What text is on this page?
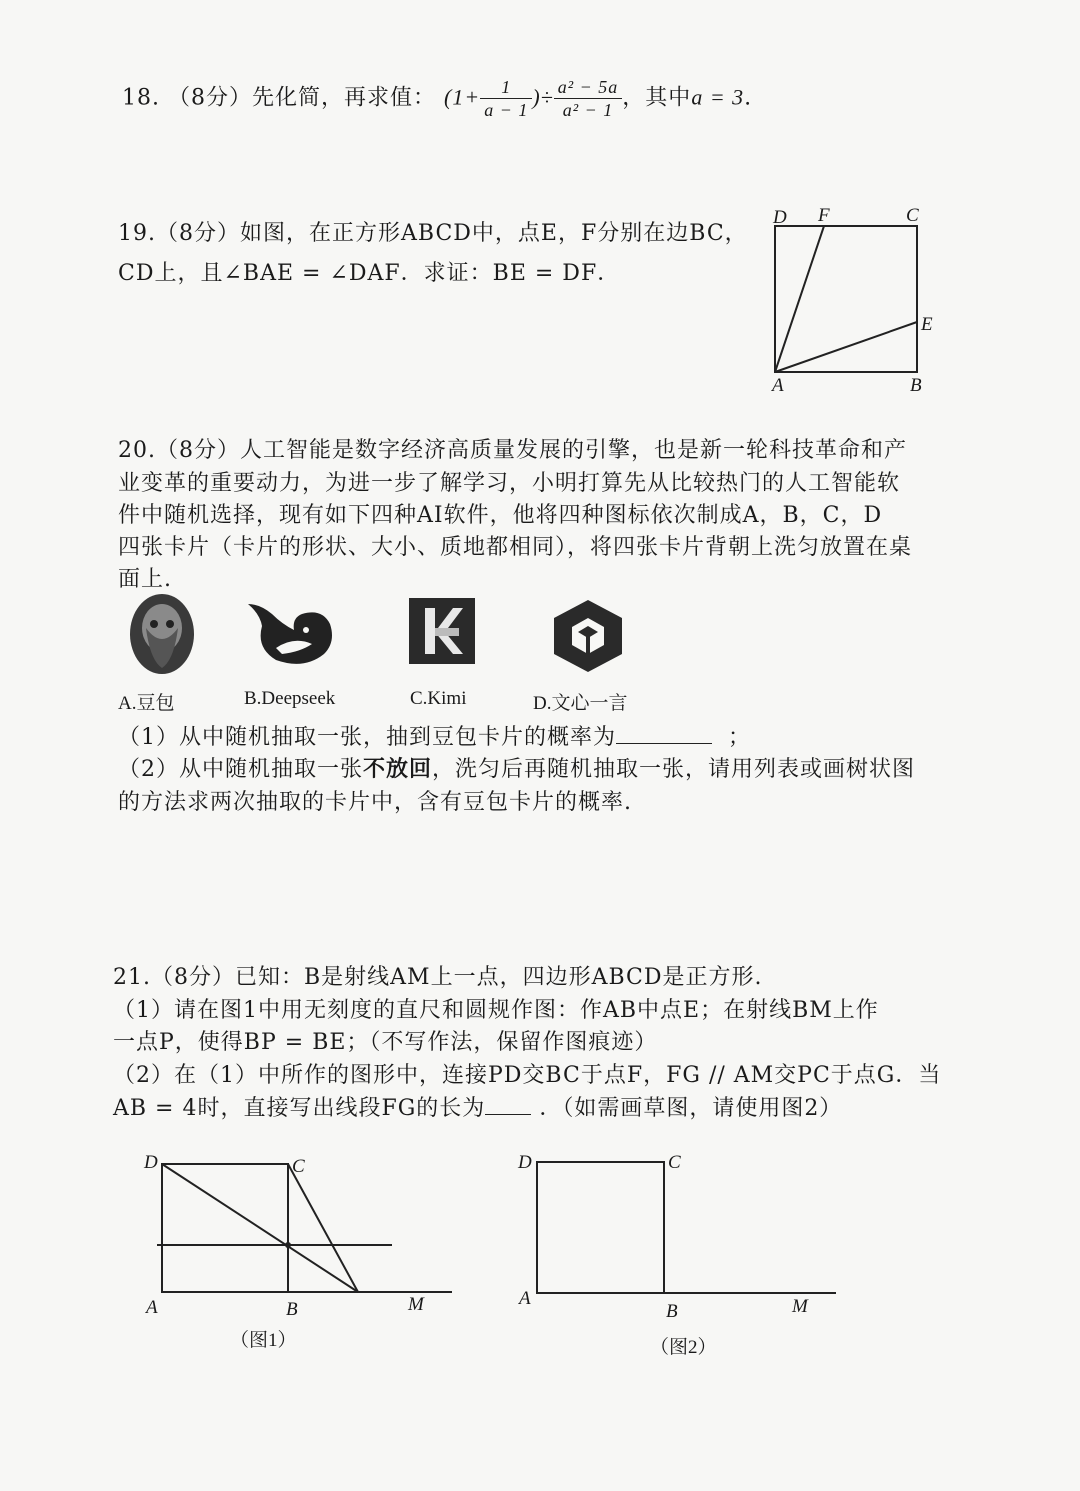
18. （8分）先化简，再求值： ($1+ \frac{1}{a - 1}$ )÷ $\frac{\text{a² − 5a}}{\text{a² − 1}}$ ，其中a = 3.
19.（8分）如图，在正方形ABCD中，点E，F分别在边BC，
CD上，且∠BAE = ∠DAF．求证：BE = DF．
D F	C
E
A	B
20.（8分）人工智能是数字经济高质量发展的引擎，也是新一轮科技革命和产
业变革的重要动力，为进一步了解学习，小明打算先从比较热门的人工智能软
件中随机选择，现有如下四种AI软件，他将四种图标依次制成A，B，C，D
四张卡片（卡片的形状、大小、质地都相同），将四张卡片背朝上洗匀放置在桌
面上.
A.豆包	B.Deepseek	C.Kimi	D.文心一言
（1）从中随机抽取一张，抽到豆包卡片的概率为	；
（2）从中随机抽取一张不放回，洗匀后再随机抽取一张，请用列表或画树状图
的方法求两次抽取的卡片中，含有豆包卡片的概率.
21.（8分）已知：B是射线AM上一点，四边形ABCD是正方形.
（1）请在图1中用无刻度的直尺和圆规作图：作AB中点E；在射线BM上作
一点P，使得BP = BE；（不写作法，保留作图痕迹）
（2）在（1）中所作的图形中，连接PD交BC于点F，FG // AM交PC于点G．当
AB = 4时，直接写出线段FG的长为 ．（如需画草图，请使用图2）
D	C
A	B	M
（图1）
D	C
A
B	M
（图2）
